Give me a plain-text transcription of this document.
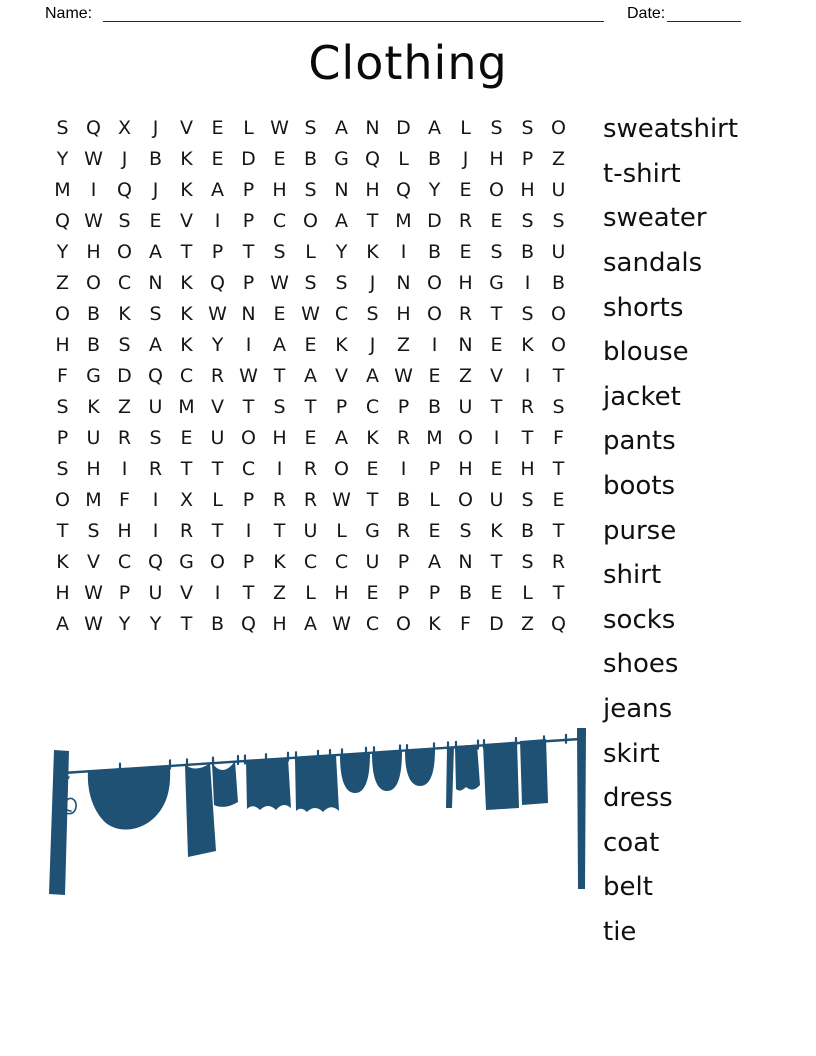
Name:	Date:
Clothing
S Q X	J	V E	L W S A N D A	L	S S O
Y W J	B K E D E B G Q L	B	J	H P Z
M	I	Q	J	K A P H S N H Q Y	E O H U
Q W S E V	I	P C O A T M D R E S S
Y H O A T	P	T	S	L	Y K	I	B E S B U
Z O C N K Q P W S S	J	N O H G	I	B
O B K S K W N E W C S H O R T	S O
H B S A K Y	I	A E K	J	Z	I	N E K O
F G D Q C R W T A V A W E Z V	I	T
S K Z U M V T	S	T	P C P B U T R S
P U R S E U O H E A K R M O	I	T	F
S H	I	R T	T C	I	R O E	I	P H E H T
O M F	I	X	L	P R R W T B	L O U S E
T	S H	I	R T	I	T U L G R E S K B T
K V C Q G O P	K C C U P A N T	S R
H W P U V	I	T Z	L H E	P	P B E	L	T
A W Y	Y	T B Q H A W C O K	F D Z Q
sweatshirt
t-shirt
sweater
sandals
shorts
blouse
jacket
pants
boots
purse
shirt
socks
shoes
jeans
skirt
dress
coat
belt
tie
